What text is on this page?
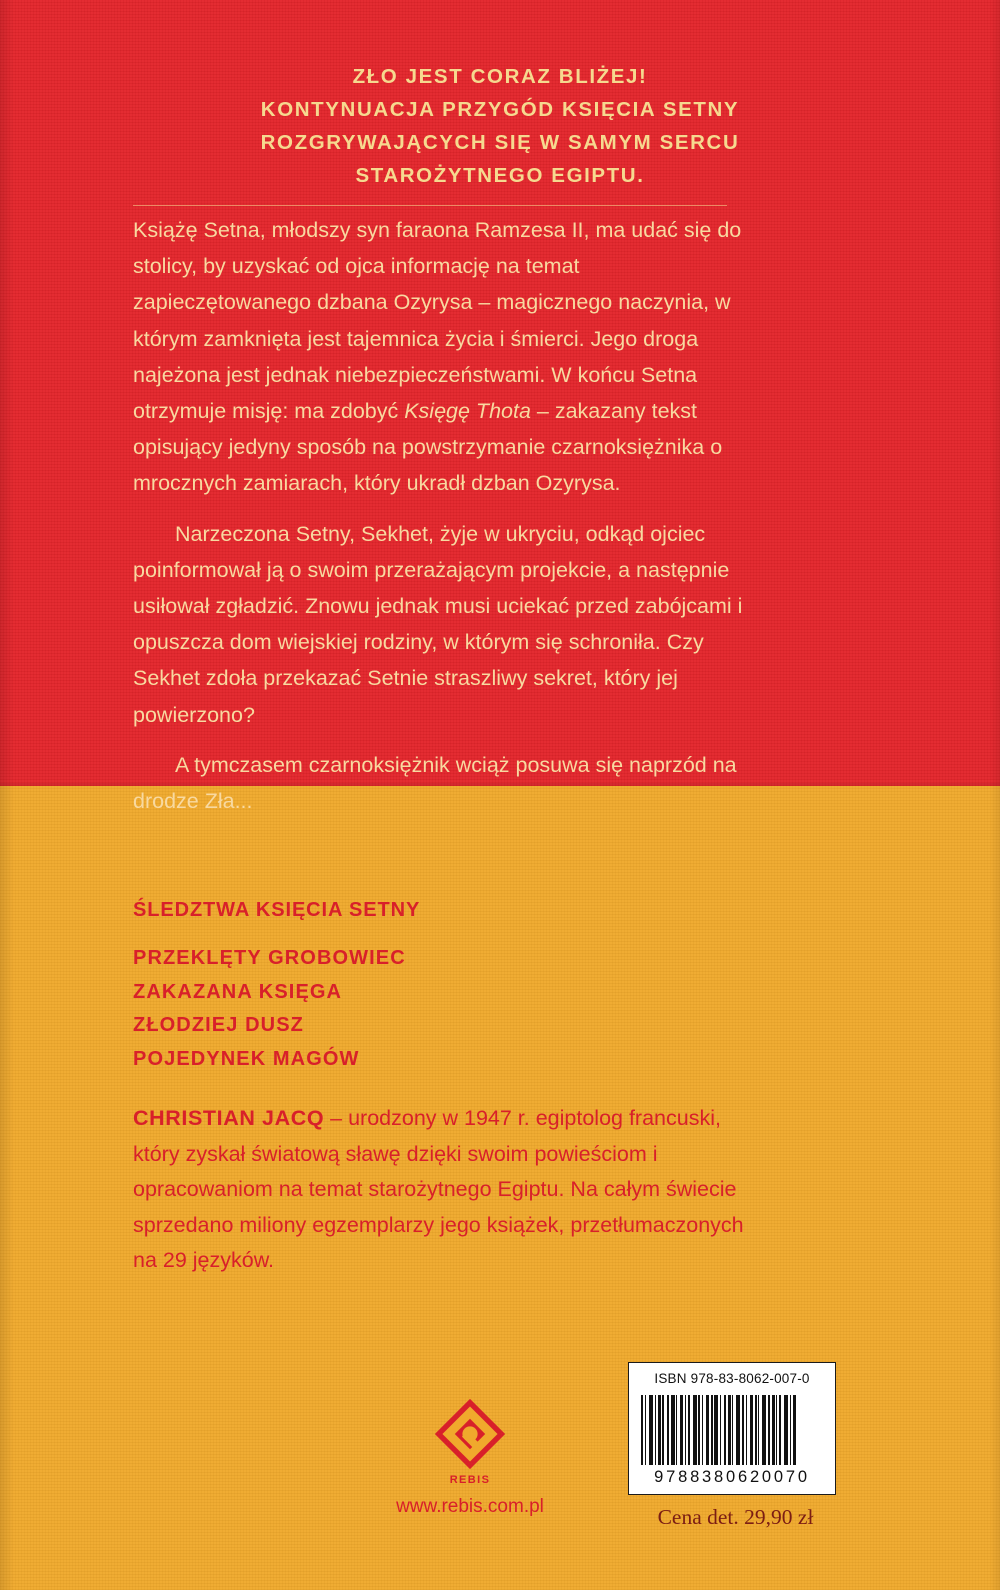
ZŁO JEST CORAZ BLIŻEJ!
KONTYNUACJA PRZYGÓD KSIĘCIA SETNY
ROZGRYWAJĄCYCH SIĘ W SAMYM SERCU
STAROŻYTNEGO EGIPTU.

Książę Setna, młodszy syn faraona Ramzesa II, ma udać się do stolicy, by uzyskać od ojca informację na temat zapieczętowanego dzbana Ozyrysa – magicznego naczynia, w którym zamknięta jest tajemnica życia i śmierci. Jego droga najeżona jest jednak niebezpieczeństwami. W końcu Setna otrzymuje misję: ma zdobyć Księgę Thota – zakazany tekst opisujący jedyny sposób na powstrzymanie czarnoksiężnika o mrocznych zamiarach, który ukradł dzban Ozyrysa.

Narzeczona Setny, Sekhet, żyje w ukryciu, odkąd ojciec poinformował ją o swoim przerażającym projekcie, a następnie usiłował zgładzić. Znowu jednak musi uciekać przed zabójcami i opuszcza dom wiejskiej rodziny, w którym się schroniła. Czy Sekhet zdoła przekazać Setnie straszliwy sekret, który jej powierzono?

A tymczasem czarnoksiężnik wciąż posuwa się naprzód na drodze Zła...

ŚLEDZTWA KSIĘCIA SETNY
PRZEKLĘTY GROBOWIEC
ZAKAZANA KSIĘGA
ZŁODZIEJ DUSZ
POJEDYNEK MAGÓW
CHRISTIAN JACQ – urodzony w 1947 r. egiptolog francuski, który zyskał światową sławę dzięki swoim powieściom i opracowaniom na temat starożytnego Egiptu. Na całym świecie sprzedano miliony egzemplarzy jego książek, przetłumaczonych na 29 języków.
REBIS
www.rebis.com.pl
ISBN 978-83-8062-007-0
9788380620070
Cena det. 29,90 zł
